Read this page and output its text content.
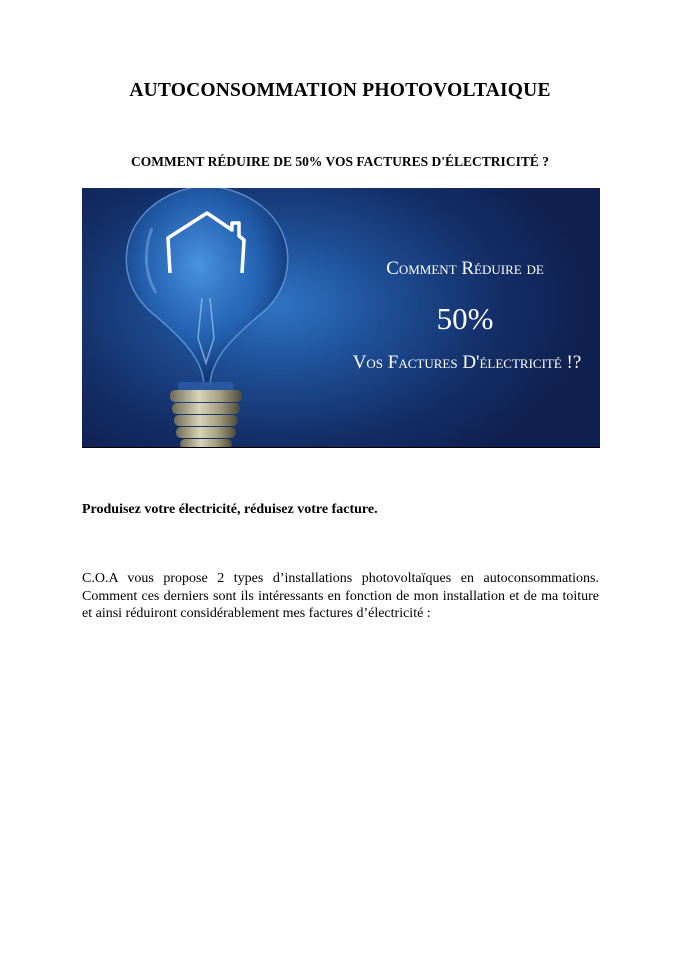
AUTOCONSOMMATION PHOTOVOLTAIQUE
COMMENT RÉDUIRE DE 50% VOS FACTURES D'ÉLECTRICITÉ ?
Comment Réduire de
50%
Vos Factures D'électricité !?
Produisez votre électricité, réduisez votre facture.
C.O.A vous propose 2 types d’installations photovoltaïques en autoconsommations. Comment ces derniers sont ils intéressants en fonction de mon installation et de ma toiture et ainsi réduiront considérablement mes factures d’électricité :
